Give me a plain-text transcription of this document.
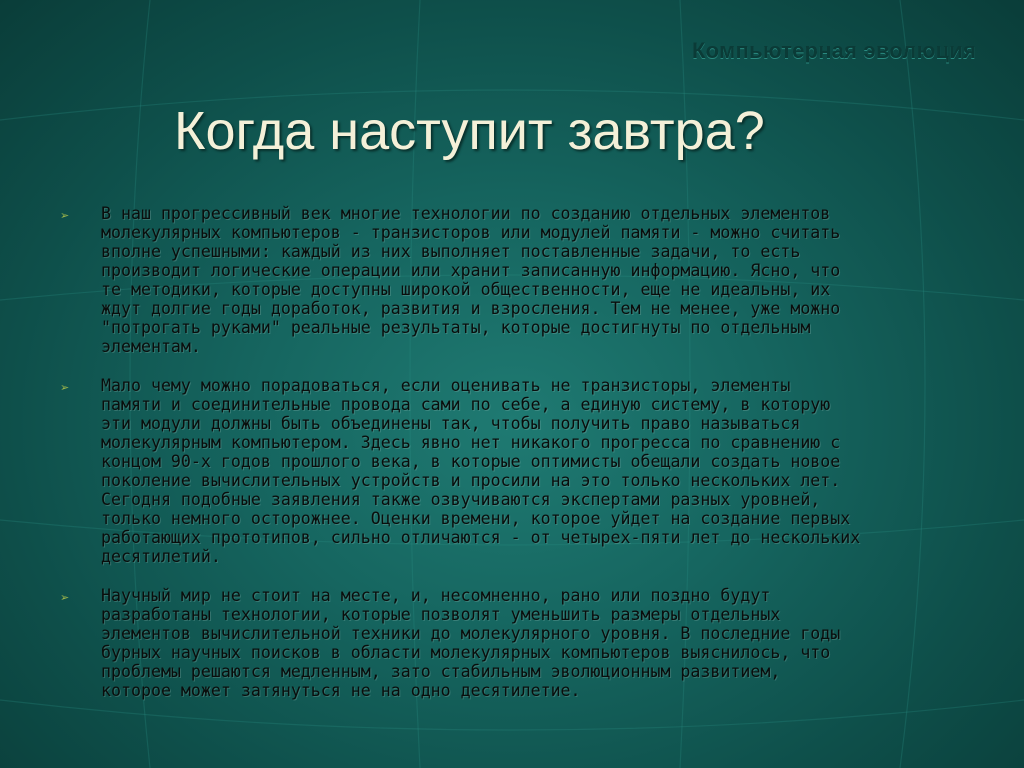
Компьютерная эволюция
Когда наступит завтра?
➢ В наш прогрессивный век многие технологии по созданию отдельных элементов
молекулярных компьютеров - транзисторов или модулей памяти - можно считать
вполне успешными: каждый из них выполняет поставленные задачи, то есть
производит логические операции или хранит записанную информацию. Ясно, что
те методики, которые доступны широкой общественности, еще не идеальны, их
ждут долгие годы доработок, развития и взросления. Тем не менее, уже можно
"потрогать руками" реальные результаты, которые достигнуты по отдельным
элементам.
➢ Мало чему можно порадоваться, если оценивать не транзисторы, элементы
памяти и соединительные провода сами по себе, а единую систему, в которую
эти модули должны быть объединены так, чтобы получить право называться
молекулярным компьютером. Здесь явно нет никакого прогресса по сравнению с
концом 90-х годов прошлого века, в которые оптимисты обещали создать новое
поколение вычислительных устройств и просили на это только нескольких лет.
Сегодня подобные заявления также озвучиваются экспертами разных уровней,
только немного осторожнее. Оценки времени, которое уйдет на создание первых
работающих прототипов, сильно отличаются - от четырех-пяти лет до нескольких
десятилетий.
➢ Научный мир не стоит на месте, и, несомненно, рано или поздно будут
разработаны технологии, которые позволят уменьшить размеры отдельных
элементов вычислительной техники до молекулярного уровня. В последние годы
бурных научных поисков в области молекулярных компьютеров выяснилось, что
проблемы решаются медленным, зато стабильным эволюционным развитием,
которое может затянуться не на одно десятилетие.
